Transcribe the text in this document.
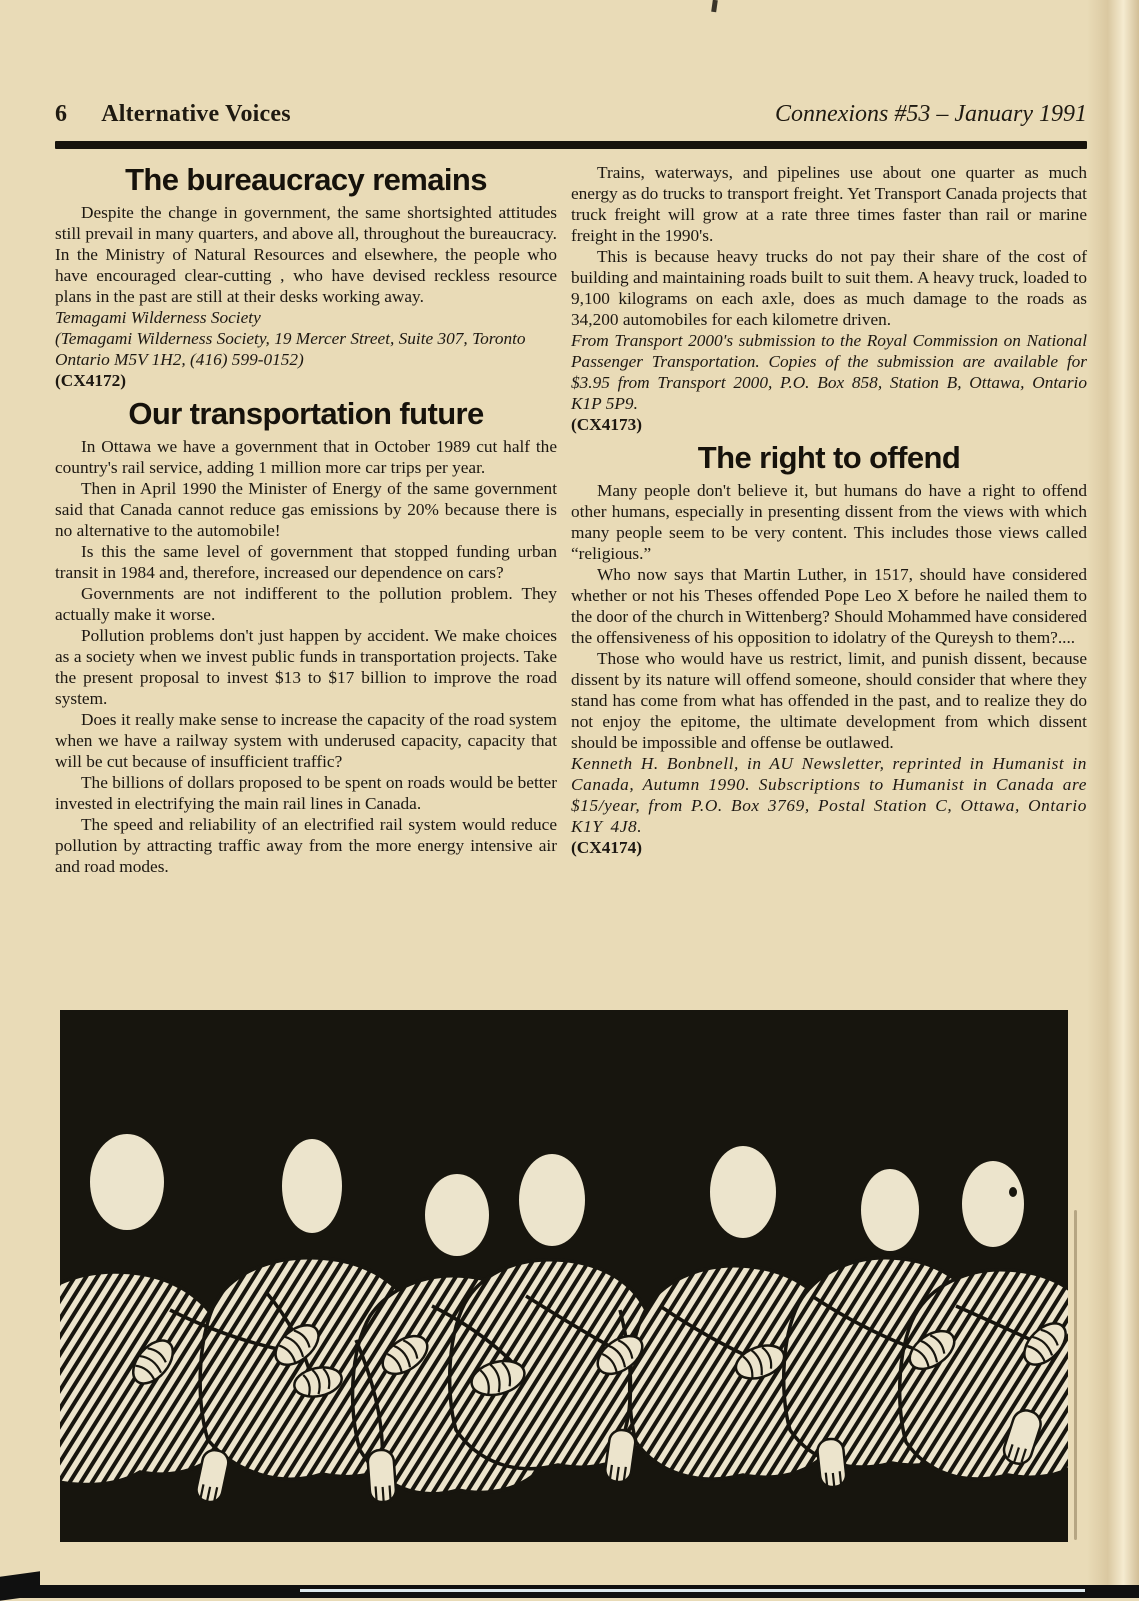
6 Alternative Voices	Connexions #53 – January 1991
The bureaucracy remains

Despite the change in government, the same shortsighted attitudes still prevail in many quarters, and above all, throughout the bureaucracy. In the Ministry of Natural Resources and elsewhere, the people who have encouraged clear-cutting , who have devised reckless resource plans in the past are still at their desks working away.

Temagami Wilderness Society

(Temagami Wilderness Society, 19 Mercer Street, Suite 307, Toronto Ontario M5V 1H2, (416) 599-0152)

(CX4172)

Our transportation future

In Ottawa we have a government that in October 1989 cut half the country's rail service, adding 1 million more car trips per year.

Then in April 1990 the Minister of Energy of the same government said that Canada cannot reduce gas emissions by 20% because there is no alternative to the automobile!

Is this the same level of government that stopped funding urban transit in 1984 and, therefore, increased our dependence on cars?

Governments are not indifferent to the pollution problem. They actually make it worse.

Pollution problems don't just happen by accident. We make choices as a society when we invest public funds in transportation projects. Take the present proposal to invest $13 to $17 billion to improve the road system.

Does it really make sense to increase the capacity of the road system when we have a railway system with underused capacity, capacity that will be cut because of insufficient traffic?

The billions of dollars proposed to be spent on roads would be better invested in electrifying the main rail lines in Canada.

The speed and reliability of an electrified rail system would reduce pollution by attracting traffic away from the more energy intensive air and road modes.

Trains, waterways, and pipelines use about one quarter as much energy as do trucks to transport freight. Yet Transport Canada projects that truck freight will grow at a rate three times faster than rail or marine freight in the 1990's.

This is because heavy trucks do not pay their share of the cost of building and maintaining roads built to suit them. A heavy truck, loaded to 9,100 kilograms on each axle, does as much damage to the roads as 34,200 automobiles for each kilometre driven.

From Transport 2000's submission to the Royal Commission on National Passenger Transportation. Copies of the submission are available for $3.95 from Transport 2000, P.O. Box 858, Station B, Ottawa, Ontario K1P 5P9.

(CX4173)

The right to offend

Many people don't believe it, but humans do have a right to offend other humans, especially in presenting dissent from the views with which many people seem to be very content. This includes those views called “religious.”

Who now says that Martin Luther, in 1517, should have considered whether or not his Theses offended Pope Leo X before he nailed them to the door of the church in Wittenberg? Should Mohammed have considered the offensiveness of his opposition to idolatry of the Qureysh to them?....

Those who would have us restrict, limit, and punish dissent, because dissent by its nature will offend someone, should consider that where they stand has come from what has offended in the past, and to realize they do not enjoy the epitome, the ultimate development from which dissent should be impossible and offense be outlawed.

Kenneth H. Bonbnell, in AU Newsletter, reprinted in Humanist in Canada, Autumn 1990. Subscriptions to Humanist in Canada are $15/year, from P.O. Box 3769, Postal Station C, Ottawa, Ontario K1Y 4J8.

(CX4174)
